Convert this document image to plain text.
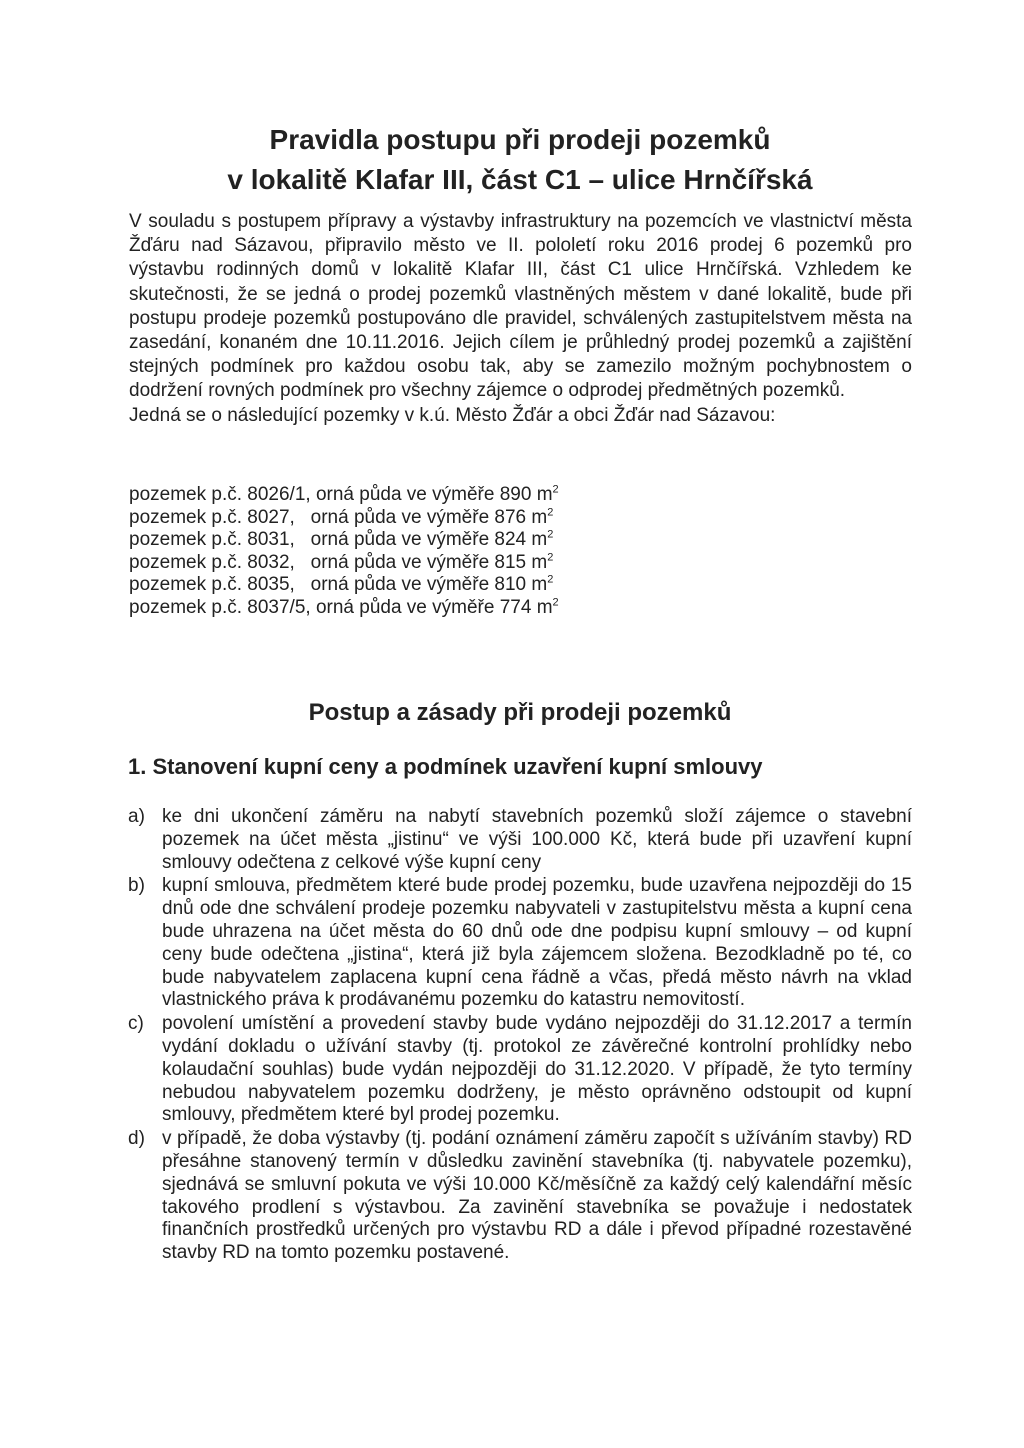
Pravidla postupu při prodeji pozemků
v lokalitě Klafar III, část C1 – ulice Hrnčířská

V souladu s postupem přípravy a výstavby infrastruktury na pozemcích ve vlastnictví města Žďáru nad Sázavou, připravilo město ve II. pololetí roku 2016 prodej 6 pozemků pro výstavbu rodinných domů v lokalitě Klafar III, část C1 ulice Hrnčířská. Vzhledem ke skutečnosti, že se jedná o prodej pozemků vlastněných městem v dané lokalitě, bude při postupu prodeje pozemků postupováno dle pravidel, schválených zastupitelstvem města na zasedání, konaném dne 10.11.2016. Jejich cílem je průhledný prodej pozemků a zajištění stejných podmínek pro každou osobu tak, aby se zamezilo možným pochybnostem o dodržení rovných podmínek pro všechny zájemce o odprodej předmětných pozemků.

Jedná se o následující pozemky v k.ú. Město Žďár a obci Žďár nad Sázavou:

pozemek p.č. 8026/1, orná půda ve výměře 890 $m^2$
pozemek p.č. 8027,   orná půda ve výměře 876 $m^2$
pozemek p.č. 8031,   orná půda ve výměře 824 $m^2$
pozemek p.č. 8032,   orná půda ve výměře 815 $m^2$
pozemek p.č. 8035,   orná půda ve výměře 810 $m^2$
pozemek p.č. 8037/5, orná půda ve výměře 774 $m^2$
Postup a zásady při prodeji pozemků
1. Stanovení kupní ceny a podmínek uzavření kupní smlouvy
a) ke dni ukončení záměru na nabytí stavebních pozemků složí zájemce o stavební pozemek na účet města „jistinu“ ve výši 100.000 Kč, která bude při uzavření kupní smlouvy odečtena z celkové výše kupní ceny
b) kupní smlouva, předmětem které bude prodej pozemku, bude uzavřena nejpozději do 15 dnů ode dne schválení prodeje pozemku nabyvateli v zastupitelstvu města a kupní cena bude uhrazena na účet města do 60 dnů ode dne podpisu kupní smlouvy – od kupní ceny bude odečtena „jistina“, která již byla zájemcem složena. Bezodkladně po té, co bude nabyvatelem zaplacena kupní cena řádně a včas, předá město návrh na vklad vlastnického práva k prodávanému pozemku do katastru nemovitostí.
c) povolení umístění a provedení stavby bude vydáno nejpozději do 31.12.2017 a termín vydání dokladu o užívání stavby (tj. protokol ze závěrečné kontrolní prohlídky nebo kolaudační souhlas) bude vydán nejpozději do 31.12.2020. V případě, že tyto termíny nebudou nabyvatelem pozemku dodrženy, je město oprávněno odstoupit od kupní smlouvy, předmětem které byl prodej pozemku.
d) v případě, že doba výstavby (tj. podání oznámení záměru započít s užíváním stavby) RD přesáhne stanovený termín v důsledku zavinění stavebníka (tj. nabyvatele pozemku), sjednává se smluvní pokuta ve výši 10.000 Kč/měsíčně za každý celý kalendářní měsíc takového prodlení s výstavbou. Za zavinění stavebníka se považuje i nedostatek finančních prostředků určených pro výstavbu RD a dále i převod případné rozestavěné stavby RD na tomto pozemku postavené.
